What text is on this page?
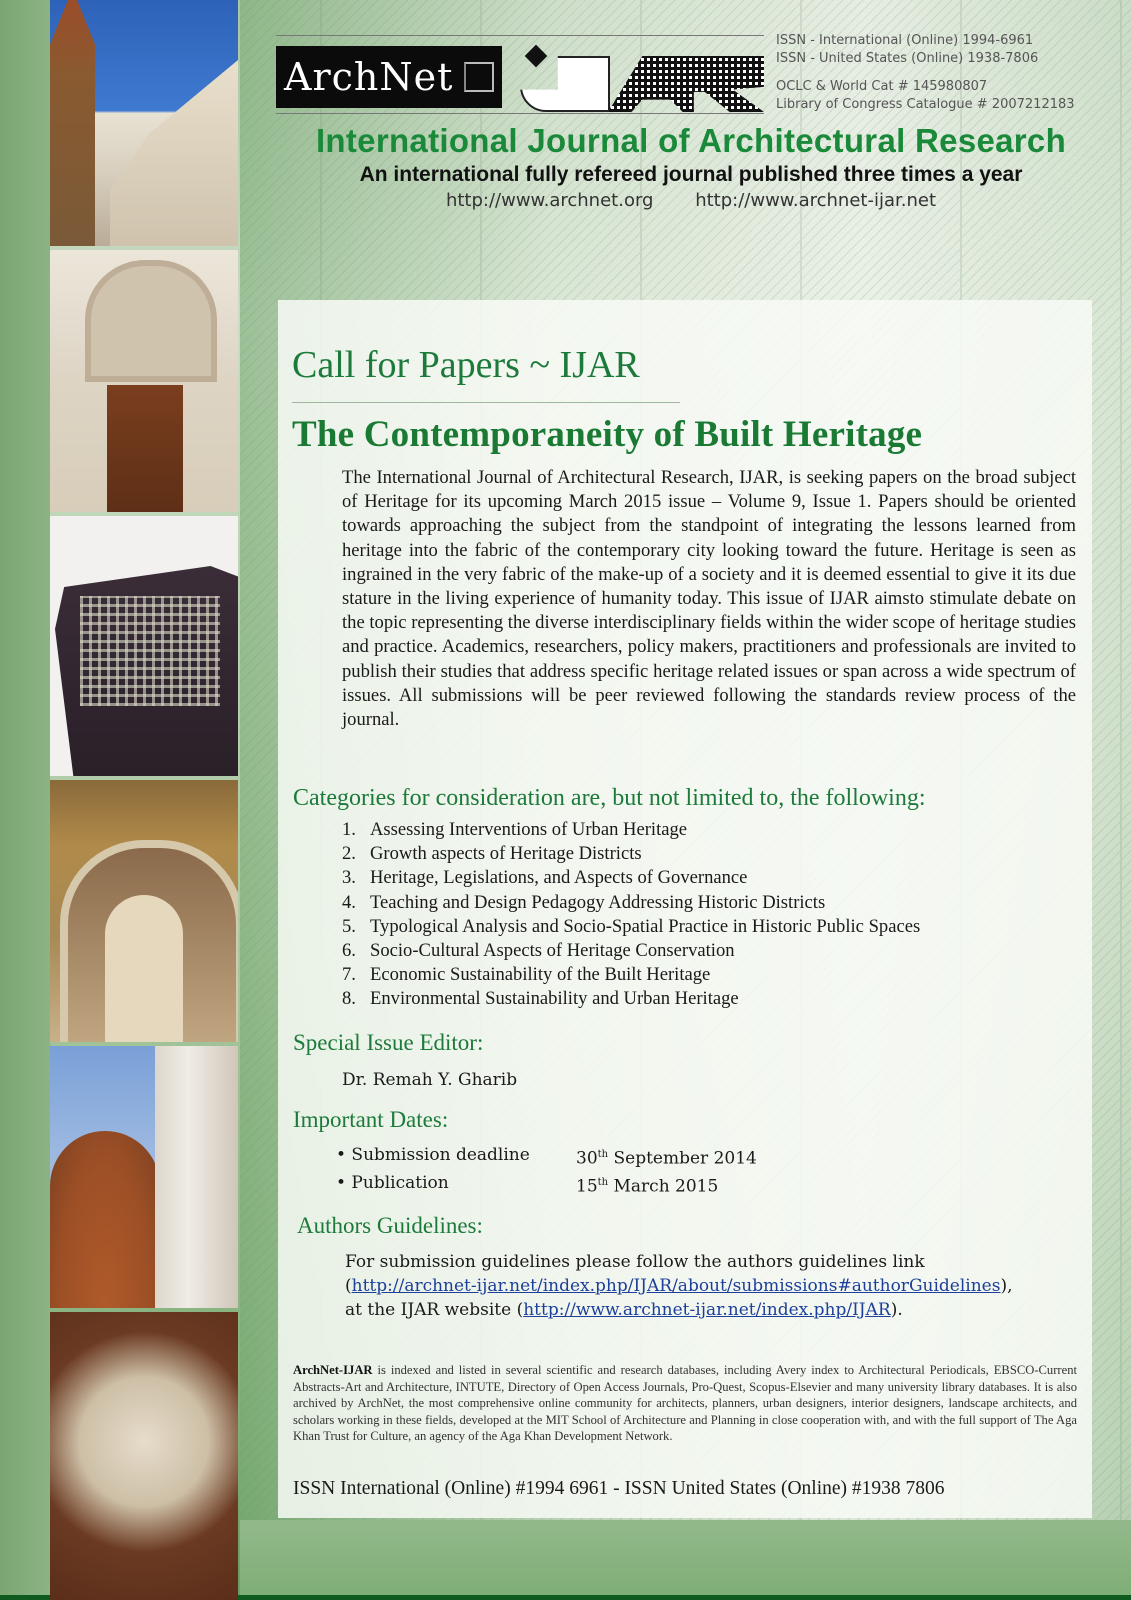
ArchNet
ISSN - International (Online) 1994-6961
ISSN - United States (Online) 1938-7806
OCLC & World Cat # 145980807
Library of Congress Catalogue # 2007212183
International Journal of Architectural Research
An international fully refereed journal published three times a year
http://www.archnet.org http://www.archnet-ijar.net
Call for Papers ~ IJAR
The Contemporaneity of Built Heritage
The International Journal of Architectural Research, IJAR, is seeking papers on the broad subject of Heritage for its upcoming March 2015 issue – Volume 9, Issue 1. Papers should be oriented towards approaching the subject from the standpoint of integrating the lessons learned from heritage into the fabric of the contemporary city looking toward the future. Heritage is seen as ingrained in the very fabric of the make-up of a society and it is deemed essential to give it its due stature in the living experience of humanity today. This issue of IJAR aimsto stimulate debate on the topic representing the diverse interdisciplinary fields within the wider scope of heritage studies and practice. Academics, researchers, policy makers, practitioners and professionals are invited to publish their studies that address specific heritage related issues or span across a wide spectrum of issues. All submissions will be peer reviewed following the standards review process of the journal.
Categories for consideration are, but not limited to, the following:
1. Assessing Interventions of Urban Heritage
2. Growth aspects of Heritage Districts
3. Heritage, Legislations, and Aspects of Governance
4. Teaching and Design Pedagogy Addressing Historic Districts
5. Typological Analysis and Socio-Spatial Practice in Historic Public Spaces
6. Socio-Cultural Aspects of Heritage Conservation
7. Economic Sustainability of the Built Heritage
8. Environmental Sustainability and Urban Heritage
Special Issue Editor:
Dr. Remah Y. Gharib
Important Dates:
• Submission deadline	30th September 2014
• Publication	15th March 2015
Authors Guidelines:
For submission guidelines please follow the authors guidelines link
(http://archnet-ijar.net/index.php/IJAR/about/submissions#authorGuidelines),
at the IJAR website (http://www.archnet-ijar.net/index.php/IJAR).
ArchNet-IJAR is indexed and listed in several scientific and research databases, including Avery index to Architectural Periodicals, EBSCO-Current Abstracts-Art and Architecture, INTUTE, Directory of Open Access Journals, Pro-Quest, Scopus-Elsevier and many university library databases. It is also archived by ArchNet, the most comprehensive online community for architects, planners, urban designers, interior designers, landscape architects, and scholars working in these fields, developed at the MIT School of Architecture and Planning in close cooperation with, and with the full support of The Aga Khan Trust for Culture, an agency of the Aga Khan Development Network.
ISSN International (Online) #1994 6961 - ISSN United States (Online) #1938 7806
